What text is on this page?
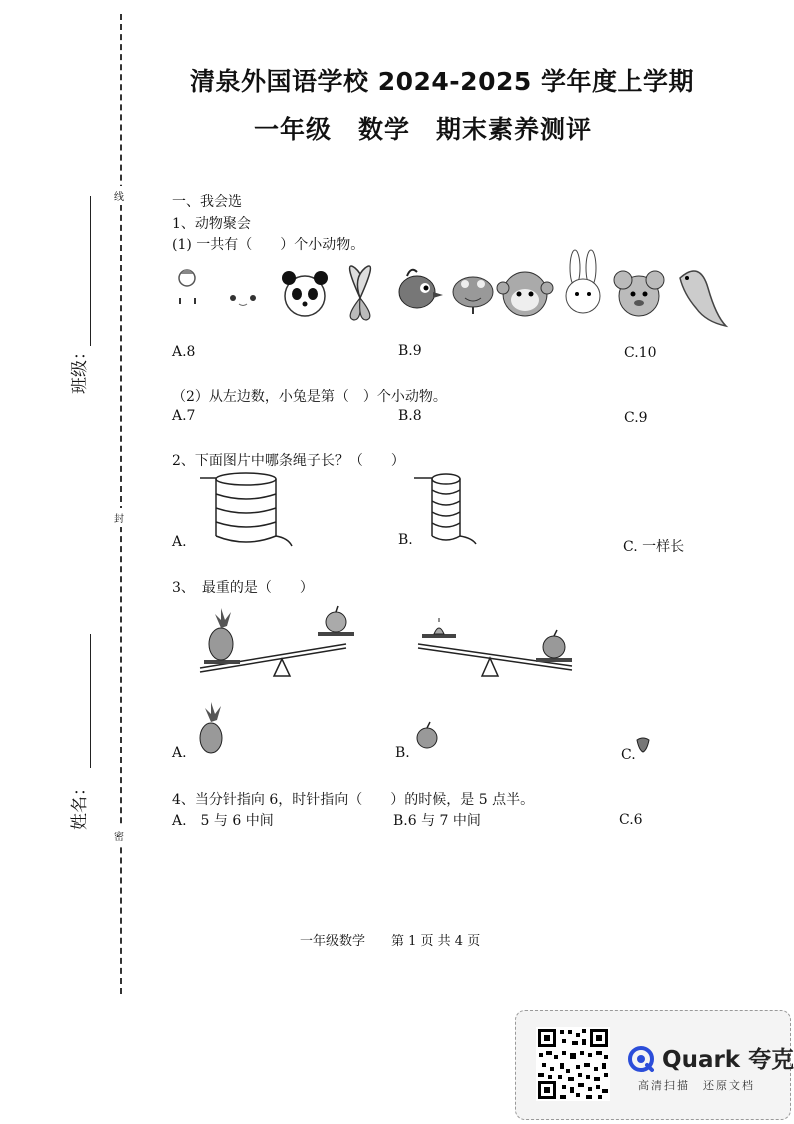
线
封
密
班级：
姓名：
清泉外国语学校 2024-2025 学年度上学期
一年级　数学　期末素养测评
一、我会选
1、动物聚会
(1) 一共有（　　）个小动物。
A.8	B.9	C.10
（2）从左边数，小兔是第（　）个小动物。
A.7	B.8	C.9
2、下面图片中哪条绳子长？（　　）
A.	B.	C. 一样长
3、　最重的是（　　）
A.	B.	C.
4、当分针指向 6，时针指向（　　）的时候，是 5 点半。
A.　5 与 6 中间	B.6 与 7 中间	C.6
一年级数学　　第 1 页 共 4 页
Quark 夸克
高清扫描　还原文档
